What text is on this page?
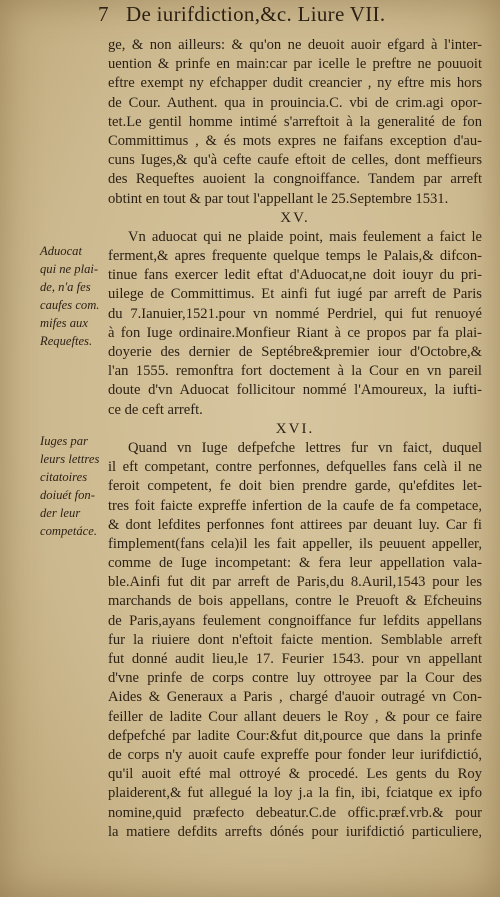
7 De iurifdiction,&c. Liure VII.
ge, & non ailleurs: & qu'on ne deuoit auoir efgard à l'inter-
uention & prinfe en main:car par icelle le preftre ne pouuoit
eftre exempt ny efchapper dudit creancier , ny eftre mis hors
de Cour. Authent. qua in prouincia.C. vbi de crim.agi opor-
tet.Le gentil homme intimé s'arreftoit à la generalité de fon
Committimus , & és mots expres ne faifans exception d'au-
cuns Iuges,& qu'à cefte caufe eftoit de celles, dont meffieurs
des Requeftes auoient la congnoiffance. Tandem par arreft
obtint en tout & par tout l'appellant le 25.Septembre 1531.
XV.
Vn aduocat qui ne plaide point, mais feulement a faict le
ferment,& apres frequente quelque temps le Palais,& difcon-
tinue fans exercer ledit eftat d'Aduocat,ne doit iouyr du pri-
uilege de Committimus. Et ainfi fut iugé par arreft de Paris
du 7.Ianuier,1521.pour vn nommé Perdriel, qui fut renuoyé
à fon Iuge ordinaire.Monfieur Riant à ce propos par fa plai-
doyerie des dernier de Septébre&premier iour d'Octobre,&
l'an 1555. remonftra fort doctement à la Cour en vn pareil
doute d'vn Aduocat follicitour nommé l'Amoureux, la iufti-
ce de ceft arreft.
XVI.
Quand vn Iuge defpefche lettres fur vn faict, duquel
il eft competant, contre perfonnes, defquelles fans celà il ne
feroit competent, fe doit bien prendre garde, qu'efdites let-
tres foit faicte expreffe infertion de la caufe de fa competace,
& dont lefdites perfonnes font attirees par deuant luy. Car fi
fimplement(fans cela)il les fait appeller, ils peuuent appeller,
comme de Iuge incompetant: & fera leur appellation vala-
ble.Ainfi fut dit par arreft de Paris,du 8.Auril,1543 pour les
marchands de bois appellans, contre le Preuoft & Efcheuins
de Paris,ayans feulement congnoiffance fur lefdits appellans
fur la riuiere dont n'eftoit faicte mention. Semblable arreft
fut donné audit lieu,le 17. Feurier 1543. pour vn appellant
d'vne prinfe de corps contre luy ottroyee par la Cour des
Aides & Generaux a Paris , chargé d'auoir outragé vn Con-
feiller de ladite Cour allant deuers le Roy , & pour ce faire
defpefché par ladite Cour:&fut dit,pource que dans la prinfe
de corps n'y auoit caufe expreffe pour fonder leur iurifdictió,
qu'il auoit efté mal ottroyé & procedé. Les gents du Roy
plaiderent,& fut allegué la loy j.a la fin, ibi, fciatque ex ipfo
nomine,quid præfecto debeatur.C.de offic.præf.vrb.& pour
la matiere defdits arrefts dónés pour iurifdictió particuliere,
Aduocat
qui ne plai-
de, n'a fes
caufes com.
mifes aux
Requeftes.
Iuges par
leurs lettres
citatoires
doiuét fon-
der leur
competáce.
